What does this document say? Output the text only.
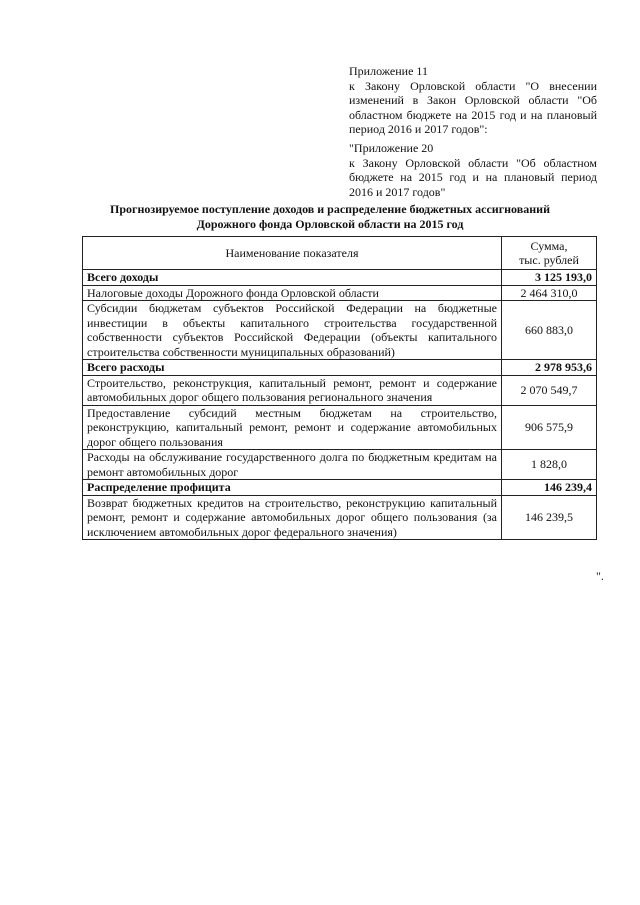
Приложение 11

к Закону Орловской области "О внесении изменений в Закон Орловской области "Об областном бюджете на 2015 год и на плановый период 2016 и 2017 годов":

"Приложение 20

к Закону Орловской области "Об областном бюджете на 2015 год и на плановый период 2016 и 2017 годов"

Прогнозируемое поступление доходов и распределение бюджетных ассигнований
Дорожного фонда Орловской области на 2015 год
Наименование показателя	Сумма,
тыс. рублей

Всего доходы	3 125 193,0
Налоговые доходы Дорожного фонда Орловской области	2 464 310,0
Субсидии бюджетам субъектов Российской Федерации на бюджетные инвестиции в объекты капитального строительства государственной собственности субъектов Российской Федерации (объекты капитального строительства собственности муниципальных образований)	660 883,0
Всего расходы	2 978 953,6
Строительство, реконструкция, капитальный ремонт, ремонт и содержание автомобильных дорог общего пользования регионального значения	2 070 549,7
Предоставление субсидий местным бюджетам на строительство, реконструкцию, капитальный ремонт, ремонт и содержание автомобильных дорог общего пользования	906 575,9
Расходы на обслуживание государственного долга по бюджетным кредитам на ремонт автомобильных дорог	1 828,0
Распределение профицита	146 239,4
Возврат бюджетных кредитов на строительство, реконструкцию капитальный ремонт, ремонт и содержание автомобильных дорог общего пользования (за исключением автомобильных дорог федерального значения)	146 239,5
".
